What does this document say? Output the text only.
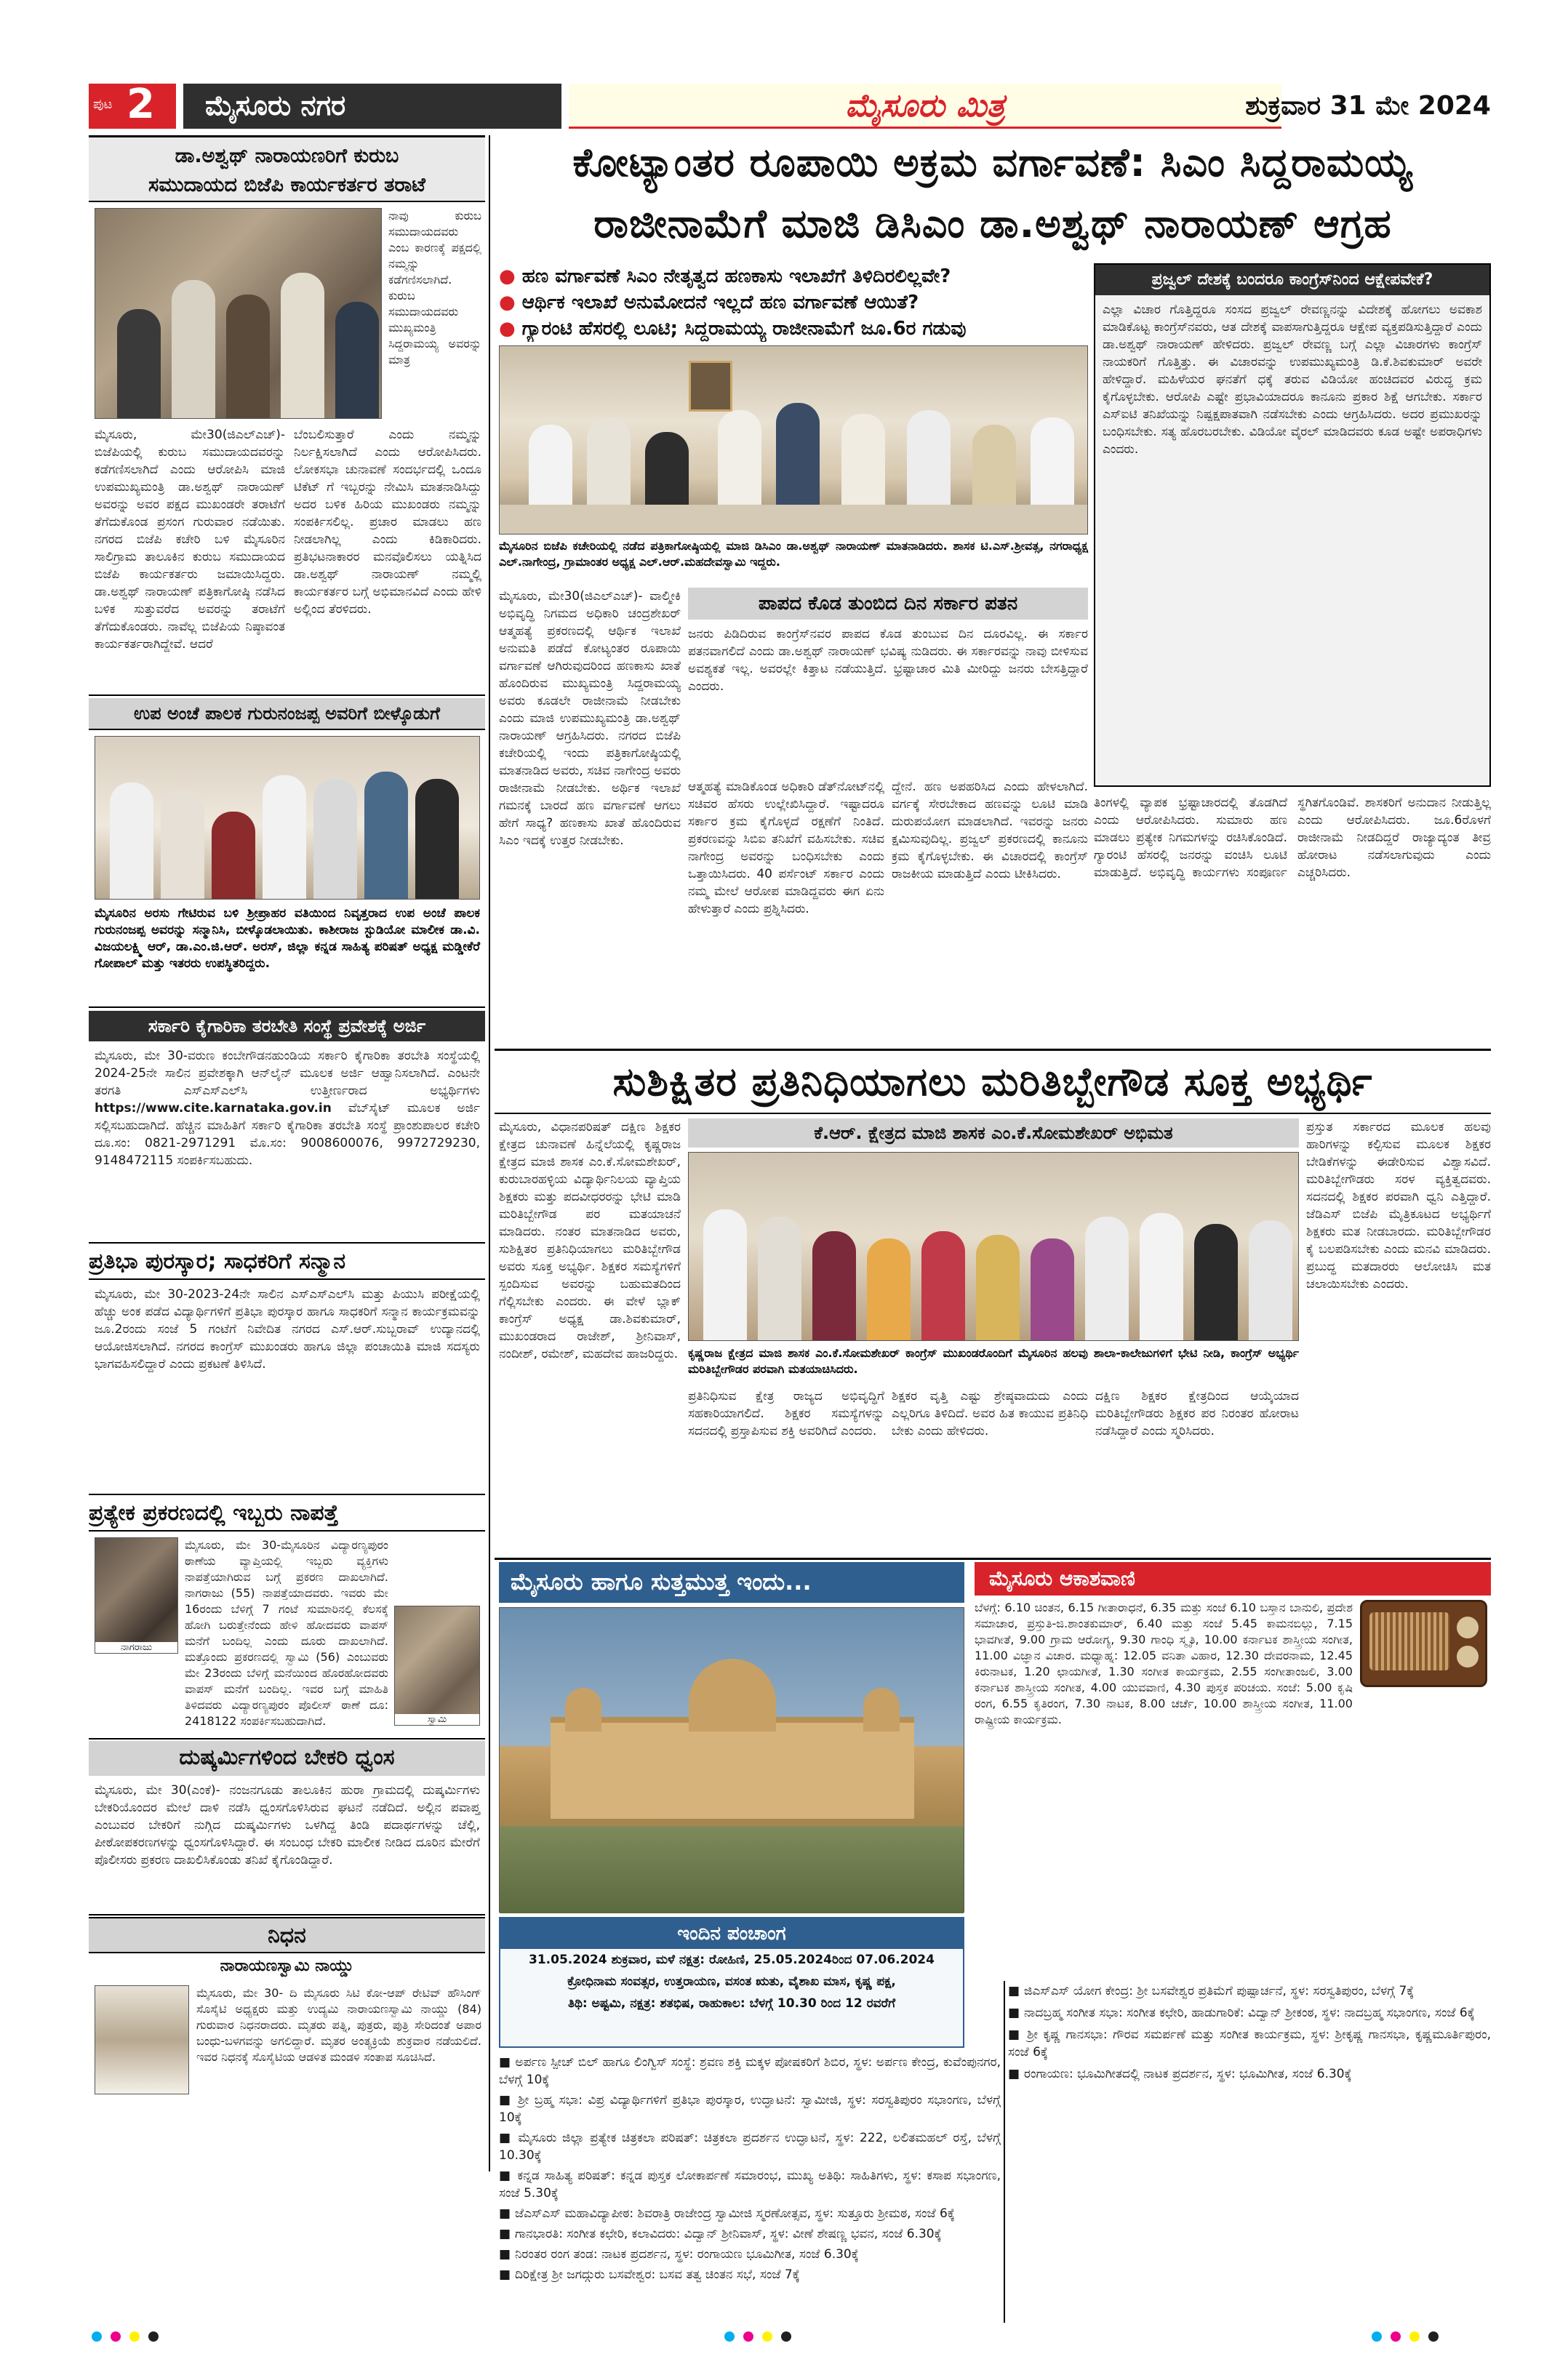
ಪುಟ 2 ಮೈಸೂರು ನಗರ	ಮೈಸೂರು ಮಿತ್ರ	ಶುಕ್ರವಾರ 31 ಮೇ 2024
ಡಾ.ಅಶ್ವಥ್ ನಾರಾಯಣರಿಗೆ ಕುರುಬ
ಸಮುದಾಯದ ಬಿಜೆಪಿ ಕಾರ್ಯಕರ್ತರ ತರಾಟೆ
ನಾವು ಕುರುಬ ಸಮುದಾಯದವರು ಎಂಬ ಕಾರಣಕ್ಕೆ ಪಕ್ಷದಲ್ಲಿ ನಮ್ಮನ್ನು ಕಡೆಗಣಿಸಲಾಗಿದೆ. ಕುರುಬ ಸಮುದಾಯದವರು ಮುಖ್ಯಮಂತ್ರಿ ಸಿದ್ದರಾಮಯ್ಯ ಅವರನ್ನು ಮಾತ್ರ
ಮೈಸೂರು, ಮೇ30(ಜಿಎಲ್‌ಎಚ್)- ಬಿಜೆಪಿಯಲ್ಲಿ ಕುರುಬ ಸಮುದಾಯದವರನ್ನು ಕಡೆಗಣಿಸಲಾಗಿದೆ ಎಂದು ಆರೋಪಿಸಿ ಮಾಜಿ ಉಪಮುಖ್ಯಮಂತ್ರಿ ಡಾ.ಅಶ್ವಥ್ ನಾರಾಯಣ್ ಅವರನ್ನು ಅವರ ಪಕ್ಷದ ಮುಖಂಡರೇ ತರಾಟೆಗೆ ತೆಗೆದುಕೊಂಡ ಪ್ರಸಂಗ ಗುರುವಾರ ನಡೆಯಿತು. ನಗರದ ಬಿಜೆಪಿ ಕಚೇರಿ ಬಳಿ ಮೈಸೂರಿನ ಸಾಲಿಗ್ರಾಮ ತಾಲೂಕಿನ ಕುರುಬ ಸಮುದಾಯದ ಬಿಜೆಪಿ ಕಾರ್ಯಕರ್ತರು ಜಮಾಯಿಸಿದ್ದರು. ಡಾ.ಅಶ್ವಥ್ ನಾರಾಯಣ್ ಪತ್ರಿಕಾಗೋಷ್ಠಿ ನಡೆಸಿದ ಬಳಿಕ ಸುತ್ತುವರೆದ ಅವರನ್ನು ತರಾಟೆಗೆ ತೆಗೆದುಕೊಂಡರು. ನಾವೆಲ್ಲ ಬಿಜೆಪಿಯ ನಿಷ್ಠಾವಂತ ಕಾರ್ಯಕರ್ತರಾಗಿದ್ದೇವೆ. ಆದರೆ
ಬೆಂಬಲಿಸುತ್ತಾರೆ ಎಂದು ನಮ್ಮನ್ನು ನಿರ್ಲಕ್ಷಿಸಲಾಗಿದೆ ಎಂದು ಆರೋಪಿಸಿದರು. ಲೋಕಸಭಾ ಚುನಾವಣೆ ಸಂದರ್ಭದಲ್ಲಿ ಒಂದೂ ಟಿಕೆಟ್ ಗೆ ಇಬ್ಬರನ್ನು ನೇಮಿಸಿ ಮಾತನಾಡಿಸಿದ್ದು ಅದರ ಬಳಿಕ ಹಿರಿಯ ಮುಖಂಡರು ನಮ್ಮನ್ನು ಸಂಪರ್ಕಿಸಲಿಲ್ಲ. ಪ್ರಚಾರ ಮಾಡಲು ಹಣ ನೀಡಲಾಗಿಲ್ಲ ಎಂದು ಕಿಡಿಕಾರಿದರು. ಪ್ರತಿಭಟನಾಕಾರರ ಮನವೊಲಿಸಲು ಯತ್ನಿಸಿದ ಡಾ.ಅಶ್ವಥ್ ನಾರಾಯಣ್ ನಮ್ಮಲ್ಲಿ ಕಾರ್ಯಕರ್ತರ ಬಗ್ಗೆ ಅಭಿಮಾನವಿದೆ ಎಂದು ಹೇಳಿ ಅಲ್ಲಿಂದ ತೆರಳಿದರು.
ಉಪ ಅಂಚೆ ಪಾಲಕ ಗುರುನಂಜಪ್ಪ ಅವರಿಗೆ ಬೀಳ್ಕೊಡುಗೆ
ಮೈಸೂರಿನ ಅರಸು ಗೇಟಿರುವ ಬಳಿ ಶ್ರೀಪ್ರಾಹರ ವತಿಯಿಂದ ನಿವೃತ್ತರಾದ ಉಪ ಅಂಚೆ ಪಾಲಕ ಗುರುನಂಜಪ್ಪ ಅವರನ್ನು ಸನ್ಮಾನಿಸಿ, ಬೀಳ್ಕೊಡಲಾಯಿತು. ಕಾಶೀರಾಜ ಸ್ಟುಡಿಯೋ ಮಾಲೀಕ ಡಾ.ವಿ. ವಿಜಯಲಕ್ಷ್ಮಿ ಆರ್, ಡಾ.ಎಂ.ಜಿ.ಆರ್. ಅರಸ್, ಜಿಲ್ಲಾ ಕನ್ನಡ ಸಾಹಿತ್ಯ ಪರಿಷತ್ ಅಧ್ಯಕ್ಷ ಮಡ್ಡೀಕೆರೆ ಗೋಪಾಲ್ ಮತ್ತು ಇತರರು ಉಪಸ್ಥಿತರಿದ್ದರು.
ಸರ್ಕಾರಿ ಕೈಗಾರಿಕಾ ತರಬೇತಿ ಸಂಸ್ಥೆ ಪ್ರವೇಶಕ್ಕೆ ಅರ್ಜಿ
ಮೈಸೂರು, ಮೇ 30-ವರುಣ ಕಂಬೇಗೌಡನಹುಂಡಿಯ ಸರ್ಕಾರಿ ಕೈಗಾರಿಕಾ ತರಬೇತಿ ಸಂಸ್ಥೆಯಲ್ಲಿ 2024-25ನೇ ಸಾಲಿನ ಪ್ರವೇಶಕ್ಕಾಗಿ ಆನ್‌ಲೈನ್ ಮೂಲಕ ಅರ್ಜಿ ಆಹ್ವಾನಿಸಲಾಗಿದೆ. ಎಂಟನೇ ತರಗತಿ ಎಸ್ಎಸ್ಎಲ್‌ಸಿ ಉತ್ತೀರ್ಣರಾದ ಅಭ್ಯರ್ಥಿಗಳು https://www.cite.karnataka.gov.in ವೆಬ್‌ಸೈಟ್ ಮೂಲಕ ಅರ್ಜಿ ಸಲ್ಲಿಸಬಹುದಾಗಿದೆ. ಹೆಚ್ಚಿನ ಮಾಹಿತಿಗೆ ಸರ್ಕಾರಿ ಕೈಗಾರಿಕಾ ತರಬೇತಿ ಸಂಸ್ಥೆ ಪ್ರಾಂಶುಪಾಲರ ಕಚೇರಿ ದೂ.ಸಂ: 0821-2971291 ಮೊ.ಸಂ: 9008600076, 9972729230, 9148472115 ಸಂಪರ್ಕಿಸಬಹುದು.
ಪ್ರತಿಭಾ ಪುರಸ್ಕಾರ; ಸಾಧಕರಿಗೆ ಸನ್ಮಾನ
ಮೈಸೂರು, ಮೇ 30-2023-24ನೇ ಸಾಲಿನ ಎಸ್ಎಸ್ಎಲ್‌ಸಿ ಮತ್ತು ಪಿಯುಸಿ ಪರೀಕ್ಷೆಯಲ್ಲಿ ಹೆಚ್ಚು ಅಂಕ ಪಡೆದ ವಿದ್ಯಾರ್ಥಿಗಳಿಗೆ ಪ್ರತಿಭಾ ಪುರಸ್ಕಾರ ಹಾಗೂ ಸಾಧಕರಿಗೆ ಸನ್ಮಾನ ಕಾರ್ಯಕ್ರಮವನ್ನು ಜೂ.2ರಂದು ಸಂಜೆ 5 ಗಂಟೆಗೆ ನಿವೇದಿತ ನಗರದ ಎಸ್.ಆರ್.ಸುಬ್ಬರಾವ್ ಉದ್ಯಾನದಲ್ಲಿ ಆಯೋಜಿಸಲಾಗಿದೆ. ನಗರದ ಕಾಂಗ್ರೆಸ್ ಮುಖಂಡರು ಹಾಗೂ ಜಿಲ್ಲಾ ಪಂಚಾಯಿತಿ ಮಾಜಿ ಸದಸ್ಯರು ಭಾಗವಹಿಸಲಿದ್ದಾರೆ ಎಂದು ಪ್ರಕಟಣೆ ತಿಳಿಸಿದೆ.
ಪ್ರತ್ಯೇಕ ಪ್ರಕರಣದಲ್ಲಿ ಇಬ್ಬರು ನಾಪತ್ತೆ
ನಾಗರಾಜು
ಸ್ವಾಮಿ
ಮೈಸೂರು, ಮೇ 30-ಮೈಸೂರಿನ ವಿದ್ಯಾರಣ್ಯಪುರಂ ಠಾಣೆಯ ವ್ಯಾಪ್ತಿಯಲ್ಲಿ ಇಬ್ಬರು ವ್ಯಕ್ತಿಗಳು ನಾಪತ್ತೆಯಾಗಿರುವ ಬಗ್ಗೆ ಪ್ರಕರಣ ದಾಖಲಾಗಿದೆ. ನಾಗರಾಜು (55) ನಾಪತ್ತೆಯಾದವರು. ಇವರು ಮೇ 16ರಂದು ಬೆಳಿಗ್ಗೆ 7 ಗಂಟೆ ಸುಮಾರಿನಲ್ಲಿ ಕೆಲಸಕ್ಕೆ ಹೋಗಿ ಬರುತ್ತೇನೆಂದು ಹೇಳಿ ಹೋದವರು ವಾಪಸ್ ಮನೆಗೆ ಬಂದಿಲ್ಲ ಎಂದು ದೂರು ದಾಖಲಾಗಿದೆ. ಮತ್ತೊಂದು ಪ್ರಕರಣದಲ್ಲಿ ಸ್ವಾಮಿ (56) ಎಂಬುವರು ಮೇ 23ರಂದು ಬೆಳಿಗ್ಗೆ ಮನೆಯಿಂದ ಹೊರಹೋದವರು ವಾಪಸ್ ಮನೆಗೆ ಬಂದಿಲ್ಲ. ಇವರ ಬಗ್ಗೆ ಮಾಹಿತಿ ತಿಳಿದವರು ವಿದ್ಯಾರಣ್ಯಪುರಂ ಪೊಲೀಸ್ ಠಾಣೆ ದೂ: 2418122 ಸಂಪರ್ಕಿಸಬಹುದಾಗಿದೆ.
ದುಷ್ಕರ್ಮಿಗಳಿಂದ ಬೇಕರಿ ಧ್ವಂಸ
ಮೈಸೂರು, ಮೇ 30(ಎಂಕೆ)- ನಂಜನಗೂಡು ತಾಲೂಕಿನ ಹುರಾ ಗ್ರಾಮದಲ್ಲಿ ದುಷ್ಕರ್ಮಿಗಳು ಬೇಕರಿಯೊಂದರ ಮೇಲೆ ದಾಳಿ ನಡೆಸಿ ಧ್ವಂಸಗೊಳಿಸಿರುವ ಘಟನೆ ನಡೆದಿದೆ. ಅಲ್ಲಿನ ಪವಾಪ್ತ ಎಂಬುವರ ಬೇಕರಿಗೆ ನುಗ್ಗಿದ ದುಷ್ಕರ್ಮಿಗಳು ಒಳಗಿದ್ದ ತಿಂಡಿ ಪದಾರ್ಥಗಳನ್ನು ಚೆಲ್ಲಿ, ಪೀಠೋಪಕರಣಗಳನ್ನು ಧ್ವಂಸಗೊಳಿಸಿದ್ದಾರೆ. ಈ ಸಂಬಂಧ ಬೇಕರಿ ಮಾಲೀಕ ನೀಡಿದ ದೂರಿನ ಮೇರೆಗೆ ಪೊಲೀಸರು ಪ್ರಕರಣ ದಾಖಲಿಸಿಕೊಂಡು ತನಿಖೆ ಕೈಗೊಂಡಿದ್ದಾರೆ.
ನಿಧನ
ನಾರಾಯಣಸ್ವಾಮಿ ನಾಯ್ಡು
ಮೈಸೂರು, ಮೇ 30- ದಿ ಮೈಸೂರು ಸಿಟಿ ಕೋ-ಆಪ್ ರೇಟಿವ್ ಹೌಸಿಂಗ್ ಸೊಸೈಟಿ ಅಧ್ಯಕ್ಷರು ಮತ್ತು ಉದ್ಯಮಿ ನಾರಾಯಣಸ್ವಾಮಿ ನಾಯ್ಡು (84) ಗುರುವಾರ ನಿಧನರಾದರು. ಮೃತರು ಪತ್ನಿ, ಪುತ್ರರು, ಪುತ್ರಿ ಸೇರಿದಂತೆ ಅಪಾರ ಬಂಧು-ಬಳಗವನ್ನು ಅಗಲಿದ್ದಾರೆ. ಮೃತರ ಅಂತ್ಯಕ್ರಿಯೆ ಶುಕ್ರವಾರ ನಡೆಯಲಿದೆ. ಇವರ ನಿಧನಕ್ಕೆ ಸೊಸೈಟಿಯ ಆಡಳಿತ ಮಂಡಳಿ ಸಂತಾಪ ಸೂಚಿಸಿದೆ.
ಕೋಟ್ಯಾಂತರ ರೂಪಾಯಿ ಅಕ್ರಮ ವರ್ಗಾವಣೆ: ಸಿಎಂ ಸಿದ್ದರಾಮಯ್ಯ
ರಾಜೀನಾಮೆಗೆ ಮಾಜಿ ಡಿಸಿಎಂ ಡಾ.ಅಶ್ವಥ್ ನಾರಾಯಣ್ ಆಗ್ರಹ
● ಹಣ ವರ್ಗಾವಣೆ ಸಿಎಂ ನೇತೃತ್ವದ ಹಣಕಾಸು ಇಲಾಖೆಗೆ ತಿಳಿದಿರಲಿಲ್ಲವೇ?
● ಆರ್ಥಿಕ ಇಲಾಖೆ ಅನುಮೋದನೆ ಇಲ್ಲದೆ ಹಣ ವರ್ಗಾವಣೆ ಆಯಿತೆ?
● ಗ್ಯಾರಂಟಿ ಹೆಸರಲ್ಲಿ ಲೂಟಿ; ಸಿದ್ದರಾಮಯ್ಯ ರಾಜೀನಾಮೆಗೆ ಜೂ.6ರ ಗಡುವು
ಮೈಸೂರಿನ ಬಿಜೆಪಿ ಕಚೇರಿಯಲ್ಲಿ ನಡೆದ ಪತ್ರಿಕಾಗೋಷ್ಠಿಯಲ್ಲಿ ಮಾಜಿ ಡಿಸಿಎಂ ಡಾ.ಅಶ್ವಥ್ ನಾರಾಯಣ್ ಮಾತನಾಡಿದರು. ಶಾಸಕ ಟಿ.ಎಸ್.ಶ್ರೀವತ್ಸ, ನಗರಾಧ್ಯಕ್ಷ ಎಲ್.ನಾಗೇಂದ್ರ, ಗ್ರಾಮಾಂತರ ಅಧ್ಯಕ್ಷ ಎಲ್.ಆರ್.ಮಹದೇವಸ್ವಾಮಿ ಇದ್ದರು.
ಮೈಸೂರು, ಮೇ30(ಜಿಎಲ್‌ಎಚ್)- ವಾಲ್ಮೀಕಿ ಅಭಿವೃದ್ಧಿ ನಿಗಮದ ಅಧಿಕಾರಿ ಚಂದ್ರಶೇಖರ್ ಆತ್ಮಹತ್ಯೆ ಪ್ರಕರಣದಲ್ಲಿ ಆರ್ಥಿಕ ಇಲಾಖೆ ಅನುಮತಿ ಪಡೆದೆ ಕೋಟ್ಯಂತರ ರೂಪಾಯಿ ವರ್ಗಾವಣೆ ಆಗಿರುವುದರಿಂದ ಹಣಕಾಸು ಖಾತೆ ಹೊಂದಿರುವ ಮುಖ್ಯಮಂತ್ರಿ ಸಿದ್ದರಾಮಯ್ಯ ಅವರು ಕೂಡಲೇ ರಾಜೀನಾಮೆ ನೀಡಬೇಕು ಎಂದು ಮಾಜಿ ಉಪಮುಖ್ಯಮಂತ್ರಿ ಡಾ.ಅಶ್ವಥ್ ನಾರಾಯಣ್ ಆಗ್ರಹಿಸಿದರು. ನಗರದ ಬಿಜೆಪಿ ಕಚೇರಿಯಲ್ಲಿ ಇಂದು ಪತ್ರಿಕಾಗೋಷ್ಠಿಯಲ್ಲಿ ಮಾತನಾಡಿದ ಅವರು, ಸಚಿವ ನಾಗೇಂದ್ರ ಅವರು ರಾಜೀನಾಮೆ ನೀಡಬೇಕು. ಅರ್ಥಿಕ ಇಲಾಖೆ ಗಮನಕ್ಕೆ ಬಾರದೆ ಹಣ ವರ್ಗಾವಣೆ ಆಗಲು ಹೇಗೆ ಸಾಧ್ಯ? ಹಣಕಾಸು ಖಾತೆ ಹೊಂದಿರುವ ಸಿಎಂ ಇದಕ್ಕೆ ಉತ್ತರ ನೀಡಬೇಕು.
ಪಾಪದ ಕೊಡ ತುಂಬಿದ ದಿನ ಸರ್ಕಾರ ಪತನ
ಜನರು ಪಿಡಿದಿರುವ ಕಾಂಗ್ರೆಸ್‌ನವರ ಪಾಪದ ಕೊಡ ತುಂಬುವ ದಿನ ದೂರವಿಲ್ಲ. ಈ ಸರ್ಕಾರ ಪತನವಾಗಲಿದೆ ಎಂದು ಡಾ.ಅಶ್ವಥ್ ನಾರಾಯಣ್ ಭವಿಷ್ಯ ನುಡಿದರು. ಈ ಸರ್ಕಾರವನ್ನು ನಾವು ಬೀಳಿಸುವ ಅವಶ್ಯಕತೆ ಇಲ್ಲ. ಅವರಲ್ಲೇ ಕಿತ್ತಾಟ ನಡೆಯುತ್ತಿದೆ. ಭ್ರಷ್ಟಾಚಾರ ಮಿತಿ ಮೀರಿದ್ದು ಜನರು ಬೇಸತ್ತಿದ್ದಾರೆ ಎಂದರು.
ಆತ್ಮಹತ್ಯೆ ಮಾಡಿಕೊಂಡ ಅಧಿಕಾರಿ ಡೆತ್‌ನೋಟ್‌ನಲ್ಲಿ ಸಚಿವರ ಹೆಸರು ಉಲ್ಲೇಖಿಸಿದ್ದಾರೆ. ಇಷ್ಟಾದರೂ ಸರ್ಕಾರ ಕ್ರಮ ಕೈಗೊಳ್ಳದೆ ರಕ್ಷಣೆಗೆ ನಿಂತಿದೆ. ಪ್ರಕರಣವನ್ನು ಸಿಬಿಐ ತನಿಖೆಗೆ ವಹಿಸಬೇಕು. ಸಚಿವ ನಾಗೇಂದ್ರ ಅವರನ್ನು ಬಂಧಿಸಬೇಕು ಎಂದು ಒತ್ತಾಯಿಸಿದರು. 40 ಪರ್ಸೆಂಟ್ ಸರ್ಕಾರ ಎಂದು ನಮ್ಮ ಮೇಲೆ ಆರೋಪ ಮಾಡಿದ್ದವರು ಈಗ ಏನು ಹೇಳುತ್ತಾರೆ ಎಂದು ಪ್ರಶ್ನಿಸಿದರು.
ದ್ದೇನೆ. ಹಣ ಅಪಹರಿಸಿದ ಎಂದು ಹೇಳಲಾಗಿದೆ. ವರ್ಗಕ್ಕೆ ಸೇರಬೇಕಾದ ಹಣವನ್ನು ಲೂಟಿ ಮಾಡಿ ದುರುಪಯೋಗ ಮಾಡಲಾಗಿದೆ. ಇವರನ್ನು ಜನರು ಕ್ಷಮಿಸುವುದಿಲ್ಲ. ಪ್ರಜ್ವಲ್ ಪ್ರಕರಣದಲ್ಲಿ ಕಾನೂನು ಕ್ರಮ ಕೈಗೊಳ್ಳಬೇಕು. ಈ ವಿಚಾರದಲ್ಲಿ ಕಾಂಗ್ರೆಸ್ ರಾಜಕೀಯ ಮಾಡುತ್ತಿದೆ ಎಂದು ಟೀಕಿಸಿದರು.
ಪ್ರಜ್ವಲ್ ದೇಶಕ್ಕೆ ಬಂದರೂ ಕಾಂಗ್ರೆಸ್‌ನಿಂದ ಆಕ್ಷೇಪವೇಕೆ?
ಎಲ್ಲಾ ವಿಚಾರ ಗೊತ್ತಿದ್ದರೂ ಸಂಸದ ಪ್ರಜ್ವಲ್ ರೇವಣ್ಣನನ್ನು ವಿದೇಶಕ್ಕೆ ಹೋಗಲು ಅವಕಾಶ ಮಾಡಿಕೊಟ್ಟ ಕಾಂಗ್ರೆಸ್‌ನವರು, ಆತ ದೇಶಕ್ಕೆ ವಾಪಸಾಗುತ್ತಿದ್ದರೂ ಆಕ್ಷೇಪ ವ್ಯಕ್ತಪಡಿಸುತ್ತಿದ್ದಾರೆ ಎಂದು ಡಾ.ಅಶ್ವಥ್ ನಾರಾಯಣ್ ಹೇಳಿದರು. ಪ್ರಜ್ವಲ್ ರೇವಣ್ಣ ಬಗ್ಗೆ ಎಲ್ಲಾ ವಿಚಾರಗಳು ಕಾಂಗ್ರೆಸ್ ನಾಯಕರಿಗೆ ಗೊತ್ತಿತ್ತು. ಈ ವಿಚಾರವನ್ನು ಉಪಮುಖ್ಯಮಂತ್ರಿ ಡಿ.ಕೆ.ಶಿವಕುಮಾರ್ ಅವರೇ ಹೇಳಿದ್ದಾರೆ. ಮಹಿಳೆಯರ ಘನತೆಗೆ ಧಕ್ಕೆ ತರುವ ವಿಡಿಯೋ ಹಂಚಿದವರ ವಿರುದ್ಧ ಕ್ರಮ ಕೈಗೊಳ್ಳಬೇಕು. ಆರೋಪಿ ಎಷ್ಟೇ ಪ್ರಭಾವಿಯಾದರೂ ಕಾನೂನು ಪ್ರಕಾರ ಶಿಕ್ಷೆ ಆಗಬೇಕು. ಸರ್ಕಾರ ಎಸ್‌ಐಟಿ ತನಿಖೆಯನ್ನು ನಿಷ್ಪಕ್ಷಪಾತವಾಗಿ ನಡೆಸಬೇಕು ಎಂದು ಆಗ್ರಹಿಸಿದರು. ಅದರ ಪ್ರಮುಖರನ್ನು ಬಂಧಿಸಬೇಕು. ಸತ್ಯ ಹೊರಬರಬೇಕು. ವಿಡಿಯೋ ವೈರಲ್ ಮಾಡಿದವರು ಕೂಡ ಅಷ್ಟೇ ಅಪರಾಧಿಗಳು ಎಂದರು.
ತಿಂಗಳಲ್ಲಿ ವ್ಯಾಪಕ ಭ್ರಷ್ಟಾಚಾರದಲ್ಲಿ ತೊಡಗಿದೆ ಎಂದು ಆರೋಪಿಸಿದರು. ಸುಮಾರು ಹಣ ಮಾಡಲು ಪ್ರತ್ಯೇಕ ನಿಗಮಗಳನ್ನು ರಚಿಸಿಕೊಂಡಿದೆ. ಗ್ಯಾರಂಟಿ ಹೆಸರಲ್ಲಿ ಜನರನ್ನು ವಂಚಿಸಿ ಲೂಟಿ ಮಾಡುತ್ತಿದೆ. ಅಭಿವೃದ್ಧಿ ಕಾರ್ಯಗಳು ಸಂಪೂರ್ಣ ಸ್ಥಗಿತಗೊಂಡಿವೆ. ಶಾಸಕರಿಗೆ ಅನುದಾನ ನೀಡುತ್ತಿಲ್ಲ ಎಂದು ಆರೋಪಿಸಿದರು. ಜೂ.6ರೊಳಗೆ ರಾಜೀನಾಮೆ ನೀಡದಿದ್ದರೆ ರಾಜ್ಯಾದ್ಯಂತ ತೀವ್ರ ಹೋರಾಟ ನಡೆಸಲಾಗುವುದು ಎಂದು ಎಚ್ಚರಿಸಿದರು.
ಸುಶಿಕ್ಷಿತರ ಪ್ರತಿನಿಧಿಯಾಗಲು ಮರಿತಿಬ್ಬೇಗೌಡ ಸೂಕ್ತ ಅಭ್ಯರ್ಥಿ
ಮೈಸೂರು, ವಿಧಾನಪರಿಷತ್ ದಕ್ಷಿಣ ಶಿಕ್ಷಕರ ಕ್ಷೇತ್ರದ ಚುನಾವಣೆ ಹಿನ್ನೆಲೆಯಲ್ಲಿ ಕೃಷ್ಣರಾಜ ಕ್ಷೇತ್ರದ ಮಾಜಿ ಶಾಸಕ ಎಂ.ಕೆ.ಸೋಮಶೇಖರ್, ಕುರುಬಾರಹಳ್ಳಿಯ ವಿದ್ಯಾರ್ಥಿನಿಲಯ ವ್ಯಾಪ್ತಿಯ ಶಿಕ್ಷಕರು ಮತ್ತು ಪದವೀಧರರನ್ನು ಭೇಟಿ ಮಾಡಿ ಮರಿತಿಬ್ಬೇಗೌಡ ಪರ ಮತಯಾಚನೆ ಮಾಡಿದರು. ನಂತರ ಮಾತನಾಡಿದ ಅವರು, ಸುಶಿಕ್ಷಿತರ ಪ್ರತಿನಿಧಿಯಾಗಲು ಮರಿತಿಬ್ಬೇಗೌಡ ಅವರು ಸೂಕ್ತ ಅಭ್ಯರ್ಥಿ. ಶಿಕ್ಷಕರ ಸಮಸ್ಯೆಗಳಿಗೆ ಸ್ಪಂದಿಸುವ ಅವರನ್ನು ಬಹುಮತದಿಂದ ಗೆಲ್ಲಿಸಬೇಕು ಎಂದರು. ಈ ವೇಳೆ ಬ್ಲಾಕ್ ಕಾಂಗ್ರೆಸ್ ಅಧ್ಯಕ್ಷ ಡಾ.ಶಿವಕುಮಾರ್, ಮುಖಂಡರಾದ ರಾಜೇಶ್, ಶ್ರೀನಿವಾಸ್, ನಂದೀಶ್, ರಮೇಶ್, ಮಹದೇವ ಹಾಜರಿದ್ದರು.
ಕೆ.ಆರ್. ಕ್ಷೇತ್ರದ ಮಾಜಿ ಶಾಸಕ ಎಂ.ಕೆ.ಸೋಮಶೇಖರ್ ಅಭಿಮತ
ಕೃಷ್ಣರಾಜ ಕ್ಷೇತ್ರದ ಮಾಜಿ ಶಾಸಕ ಎಂ.ಕೆ.ಸೋಮಶೇಖರ್ ಕಾಂಗ್ರೆಸ್ ಮುಖಂಡರೊಂದಿಗೆ ಮೈಸೂರಿನ ಹಲವು ಶಾಲಾ-ಕಾಲೇಜುಗಳಿಗೆ ಭೇಟಿ ನೀಡಿ, ಕಾಂಗ್ರೆಸ್ ಅಭ್ಯರ್ಥಿ ಮರಿತಿಬ್ಬೇಗೌಡರ ಪರವಾಗಿ ಮತಯಾಚಿಸಿದರು.
ಪ್ರತಿನಿಧಿಸುವ ಕ್ಷೇತ್ರ ರಾಜ್ಯದ ಅಭಿವೃದ್ಧಿಗೆ ಸಹಕಾರಿಯಾಗಲಿದೆ. ಶಿಕ್ಷಕರ ಸಮಸ್ಯೆಗಳನ್ನು ಸದನದಲ್ಲಿ ಪ್ರಸ್ತಾಪಿಸುವ ಶಕ್ತಿ ಅವರಿಗಿದೆ ಎಂದರು.
ಶಿಕ್ಷಕರ ವೃತ್ತಿ ಎಷ್ಟು ಶ್ರೇಷ್ಠವಾದುದು ಎಂದು ಎಲ್ಲರಿಗೂ ತಿಳಿದಿದೆ. ಅವರ ಹಿತ ಕಾಯುವ ಪ್ರತಿನಿಧಿ ಬೇಕು ಎಂದು ಹೇಳಿದರು.
ದಕ್ಷಿಣ ಶಿಕ್ಷಕರ ಕ್ಷೇತ್ರದಿಂದ ಆಯ್ಕೆಯಾದ ಮರಿತಿಬ್ಬೇಗೌಡರು ಶಿಕ್ಷಕರ ಪರ ನಿರಂತರ ಹೋರಾಟ ನಡೆಸಿದ್ದಾರೆ ಎಂದು ಸ್ಮರಿಸಿದರು.
ಪ್ರಸ್ತುತ ಸರ್ಕಾರದ ಮೂಲಕ ಹಲವು ಹಾರಿಗಳನ್ನು ಕಲ್ಪಿಸುವ ಮೂಲಕ ಶಿಕ್ಷಕರ ಬೇಡಿಕೆಗಳನ್ನು ಈಡೇರಿಸುವ ವಿಶ್ವಾಸವಿದೆ. ಮರಿತಿಬ್ಬೇಗೌಡರು ಸರಳ ವ್ಯಕ್ತಿತ್ವದವರು. ಸದನದಲ್ಲಿ ಶಿಕ್ಷಕರ ಪರವಾಗಿ ಧ್ವನಿ ಎತ್ತಿದ್ದಾರೆ. ಜೆಡಿಎಸ್ ಬಿಜೆಪಿ ಮೈತ್ರಿಕೂಟದ ಅಭ್ಯರ್ಥಿಗೆ ಶಿಕ್ಷಕರು ಮತ ನೀಡಬಾರದು. ಮರಿತಿಬ್ಬೇಗೌಡರ ಕೈ ಬಲಪಡಿಸಬೇಕು ಎಂದು ಮನವಿ ಮಾಡಿದರು. ಪ್ರಬುದ್ಧ ಮತದಾರರು ಆಲೋಚಿಸಿ ಮತ ಚಲಾಯಿಸಬೇಕು ಎಂದರು.
ಮೈಸೂರು ಹಾಗೂ ಸುತ್ತಮುತ್ತ ಇಂದು...
ಇಂದಿನ ಪಂಚಾಂಗ
31.05.2024 ಶುಕ್ರವಾರ, ಮಳೆ ನಕ್ಷತ್ರ: ರೋಹಿಣಿ, 25.05.2024ರಿಂದ 07.06.2024
ಕ್ರೋಧಿನಾಮ ಸಂವತ್ಸರ, ಉತ್ತರಾಯಣ, ವಸಂತ ಋತು, ವೈಶಾಖ ಮಾಸ, ಕೃಷ್ಣ ಪಕ್ಷ,
ತಿಥಿ: ಅಷ್ಟಮಿ, ನಕ್ಷತ್ರ: ಶತಭಿಷ, ರಾಹುಕಾಲ: ಬೆಳಗ್ಗೆ 10.30 ರಿಂದ 12 ರವರೆಗೆ
■ ಅರ್ಪಣ ಸ್ಪೀಚ್ ಬಿಲ್ ಹಾಗೂ ಲಿಂಗ್ವಿಸ್ ಸಂಸ್ಥೆ: ಶ್ರವಣ ಶಕ್ತಿ ಮಕ್ಕಳ ಪೋಷಕರಿಗೆ ಶಿಬಿರ, ಸ್ಥಳ: ಅರ್ಪಣ ಕೇಂದ್ರ, ಕುವೆಂಪುನಗರ, ಬೆಳಗ್ಗೆ 10ಕ್ಕೆ
■ ಶ್ರೀ ಬ್ರಹ್ಮ ಸಭಾ: ವಿಪ್ರ ವಿದ್ಯಾರ್ಥಿಗಳಿಗೆ ಪ್ರತಿಭಾ ಪುರಸ್ಕಾರ, ಉದ್ಘಾಟನೆ: ಸ್ವಾಮೀಜಿ, ಸ್ಥಳ: ಸರಸ್ವತಿಪುರಂ ಸಭಾಂಗಣ, ಬೆಳಗ್ಗೆ 10ಕ್ಕೆ
■ ಮೈಸೂರು ಜಿಲ್ಲಾ ಪ್ರತ್ಯೇಕ ಚಿತ್ರಕಲಾ ಪರಿಷತ್: ಚಿತ್ರಕಲಾ ಪ್ರದರ್ಶನ ಉದ್ಘಾಟನೆ, ಸ್ಥಳ: 222, ಲಲಿತಮಹಲ್ ರಸ್ತೆ, ಬೆಳಗ್ಗೆ 10.30ಕ್ಕೆ
■ ಕನ್ನಡ ಸಾಹಿತ್ಯ ಪರಿಷತ್: ಕನ್ನಡ ಪುಸ್ತಕ ಲೋಕಾರ್ಪಣೆ ಸಮಾರಂಭ, ಮುಖ್ಯ ಅತಿಥಿ: ಸಾಹಿತಿಗಳು, ಸ್ಥಳ: ಕಸಾಪ ಸಭಾಂಗಣ, ಸಂಜೆ 5.30ಕ್ಕೆ
■ ಜೆಎಸ್‌ಎಸ್ ಮಹಾವಿದ್ಯಾಪೀಠ: ಶಿವರಾತ್ರಿ ರಾಜೇಂದ್ರ ಸ್ವಾಮೀಜಿ ಸ್ಮರಣೋತ್ಸವ, ಸ್ಥಳ: ಸುತ್ತೂರು ಶ್ರೀಮಠ, ಸಂಜೆ 6ಕ್ಕೆ
■ ಗಾನಭಾರತಿ: ಸಂಗೀತ ಕಛೇರಿ, ಕಲಾವಿದರು: ವಿದ್ವಾನ್ ಶ್ರೀನಿವಾಸ್, ಸ್ಥಳ: ವೀಣೆ ಶೇಷಣ್ಣ ಭವನ, ಸಂಜೆ 6.30ಕ್ಕೆ
■ ನಿರಂತರ ರಂಗ ತಂಡ: ನಾಟಕ ಪ್ರದರ್ಶನ, ಸ್ಥಳ: ರಂಗಾಯಣ ಭೂಮಿಗೀತ, ಸಂಜೆ 6.30ಕ್ಕೆ
■ ದಿರಿಕ್ಷೇತ್ರ ಶ್ರೀ ಜಗದ್ಗುರು ಬಸವೇಶ್ವರ: ಬಸವ ತತ್ವ ಚಿಂತನ ಸಭೆ, ಸಂಜೆ 7ಕ್ಕೆ
ಮೈಸೂರು ಆಕಾಶವಾಣಿ
ಬೆಳಗ್ಗೆ: 6.10 ಚಿಂತನ, 6.15 ಗೀತಾರಾಧನೆ, 6.35 ಮತ್ತು ಸಂಜೆ 6.10 ಬಸ್ತಾನ ಬಾನುಲಿ, ಪ್ರದೇಶ ಸಮಾಚಾರ, ಪ್ರಸ್ತುತಿ-ಜಿ.ಶಾಂತಕುಮಾರ್, 6.40 ಮತ್ತು ಸಂಜೆ 5.45 ಕಾಮನಬಿಲ್ಲು, 7.15 ಭಾವಗೀತೆ, 9.00 ಗ್ರಾಮ ಆರೋಗ್ಯ, 9.30 ಗಾಂಧಿ ಸ್ಮೃತಿ, 10.00 ಕರ್ನಾಟಕ ಶಾಸ್ತ್ರೀಯ ಸಂಗೀತ, 11.00 ವಿಜ್ಞಾನ ವಿಚಾರ. ಮಧ್ಯಾಹ್ನ: 12.05 ವನಿತಾ ವಿಹಾರ, 12.30 ದೇವರನಾಮ, 12.45 ಕಿರುನಾಟಕ, 1.20 ಛಾಯಗೀತೆ, 1.30 ಸಂಗೀತ ಕಾರ್ಯಕ್ರಮ, 2.55 ಸಂಗೀತಾಂಜಲಿ, 3.00 ಕರ್ನಾಟಕ ಶಾಸ್ತ್ರೀಯ ಸಂಗೀತ, 4.00 ಯುವವಾಣಿ, 4.30 ಪುಸ್ತಕ ಪರಿಚಯ. ಸಂಜೆ: 5.00 ಕೃಷಿ ರಂಗ, 6.55 ಕೃತಿರಂಗ, 7.30 ನಾಟಕ, 8.00 ಚರ್ಚೆ, 10.00 ಶಾಸ್ತ್ರೀಯ ಸಂಗೀತ, 11.00 ರಾಷ್ಟ್ರೀಯ ಕಾರ್ಯಕ್ರಮ.
■ ಜಿಎಸ್‌ಎಸ್ ಯೋಗ ಕೇಂದ್ರ: ಶ್ರೀ ಬಸವೇಶ್ವರ ಪ್ರತಿಮೆಗೆ ಪುಷ್ಪಾರ್ಚನೆ, ಸ್ಥಳ: ಸರಸ್ವತಿಪುರಂ, ಬೆಳಗ್ಗೆ 7ಕ್ಕೆ
■ ನಾದಬ್ರಹ್ಮ ಸಂಗೀತ ಸಭಾ: ಸಂಗೀತ ಕಛೇರಿ, ಹಾಡುಗಾರಿಕೆ: ವಿದ್ವಾನ್ ಶ್ರೀಕಂಠ, ಸ್ಥಳ: ನಾದಬ್ರಹ್ಮ ಸಭಾಂಗಣ, ಸಂಜೆ 6ಕ್ಕೆ
■ ಶ್ರೀ ಕೃಷ್ಣ ಗಾನಸಭಾ: ಗೌರವ ಸಮರ್ಪಣೆ ಮತ್ತು ಸಂಗೀತ ಕಾರ್ಯಕ್ರಮ, ಸ್ಥಳ: ಶ್ರೀಕೃಷ್ಣ ಗಾನಸಭಾ, ಕೃಷ್ಣಮೂರ್ತಿಪುರಂ, ಸಂಜೆ 6ಕ್ಕೆ
■ ರಂಗಾಯಣ: ಭೂಮಿಗೀತದಲ್ಲಿ ನಾಟಕ ಪ್ರದರ್ಶನ, ಸ್ಥಳ: ಭೂಮಿಗೀತ, ಸಂಜೆ 6.30ಕ್ಕೆ
